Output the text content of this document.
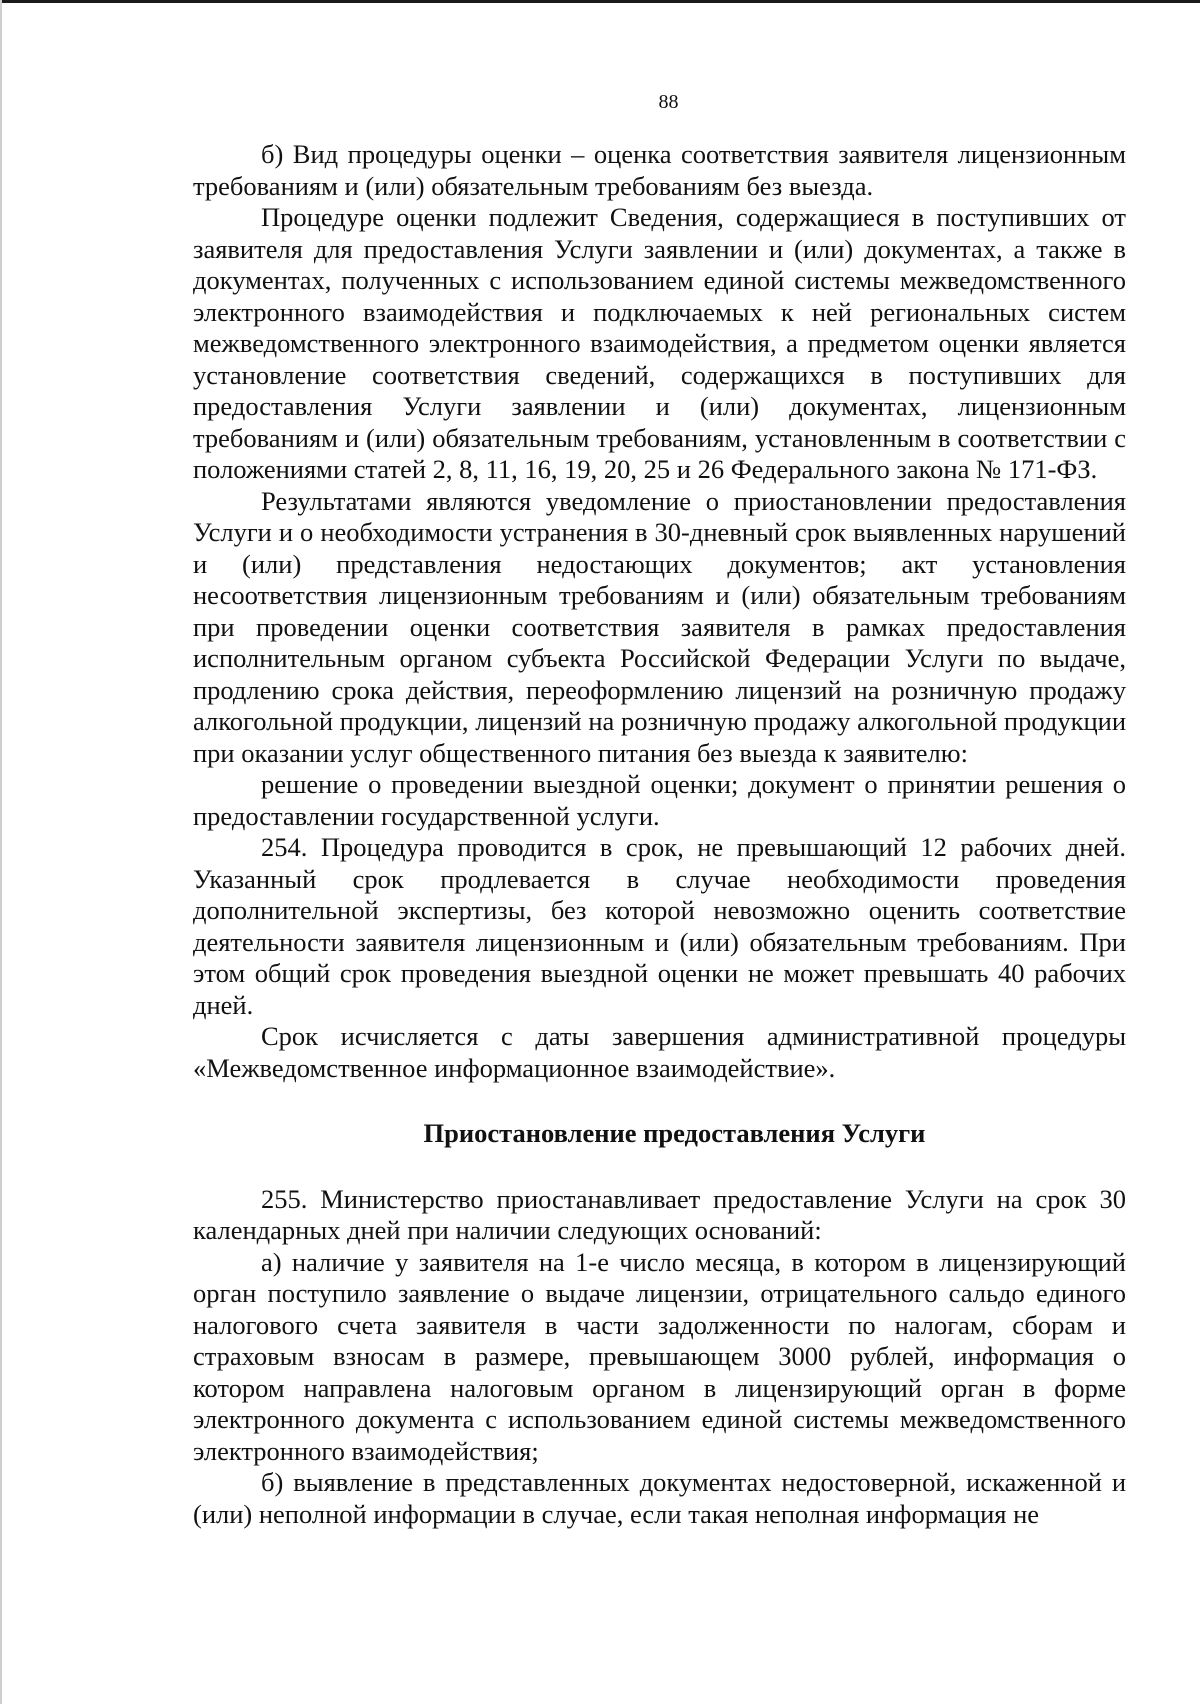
88

б) Вид процедуры оценки – оценка соответствия заявителя лицензионным требованиям и (или) обязательным требованиям без выезда.

Процедуре оценки подлежит Сведения, содержащиеся в поступивших от заявителя для предоставления Услуги заявлении и (или) документах, а также в документах, полученных с использованием единой системы межведомственного электронного взаимодействия и подключаемых к ней региональных систем межведомственного электронного взаимодействия, а предметом оценки является установление соответствия сведений, содержащихся в поступивших для предоставления Услуги заявлении и (или) документах, лицензионным требованиям и (или) обязательным требованиям, установленным в соответствии с положениями статей 2, 8, 11, 16, 19, 20, 25 и 26 Федерального закона № 171-ФЗ.

Результатами являются уведомление о приостановлении предоставления Услуги и о необходимости устранения в 30-дневный срок выявленных нарушений и (или) представления недостающих документов; акт установления несоответствия лицензионным требованиям и (или) обязательным требованиям при проведении оценки соответствия заявителя в рамках предоставления исполнительным органом субъекта Российской Федерации Услуги по выдаче, продлению срока действия, переоформлению лицензий на розничную продажу алкогольной продукции, лицензий на розничную продажу алкогольной продукции при оказании услуг общественного питания без выезда к заявителю:

решение о проведении выездной оценки; документ о принятии решения о предоставлении государственной услуги.

254. Процедура проводится в срок, не превышающий 12 рабочих дней. Указанный срок продлевается в случае необходимости проведения дополнительной экспертизы, без которой невозможно оценить соответствие деятельности заявителя лицензионным и (или) обязательным требованиям. При этом общий срок проведения выездной оценки не может превышать 40 рабочих дней.

Срок исчисляется с даты завершения административной процедуры «Межведомственное информационное взаимодействие».

Приостановление предоставления Услуги

255. Министерство приостанавливает предоставление Услуги на срок 30 календарных дней при наличии следующих оснований:

а) наличие у заявителя на 1-е число месяца, в котором в лицензирующий орган поступило заявление о выдаче лицензии, отрицательного сальдо единого налогового счета заявителя в части задолженности по налогам, сборам и страховым взносам в размере, превышающем 3000 рублей, информация о котором направлена налоговым органом в лицензирующий орган в форме электронного документа с использованием единой системы межведомственного электронного взаимодействия;

б) выявление в представленных документах недостоверной, искаженной и (или) неполной информации в случае, если такая неполная информация не
